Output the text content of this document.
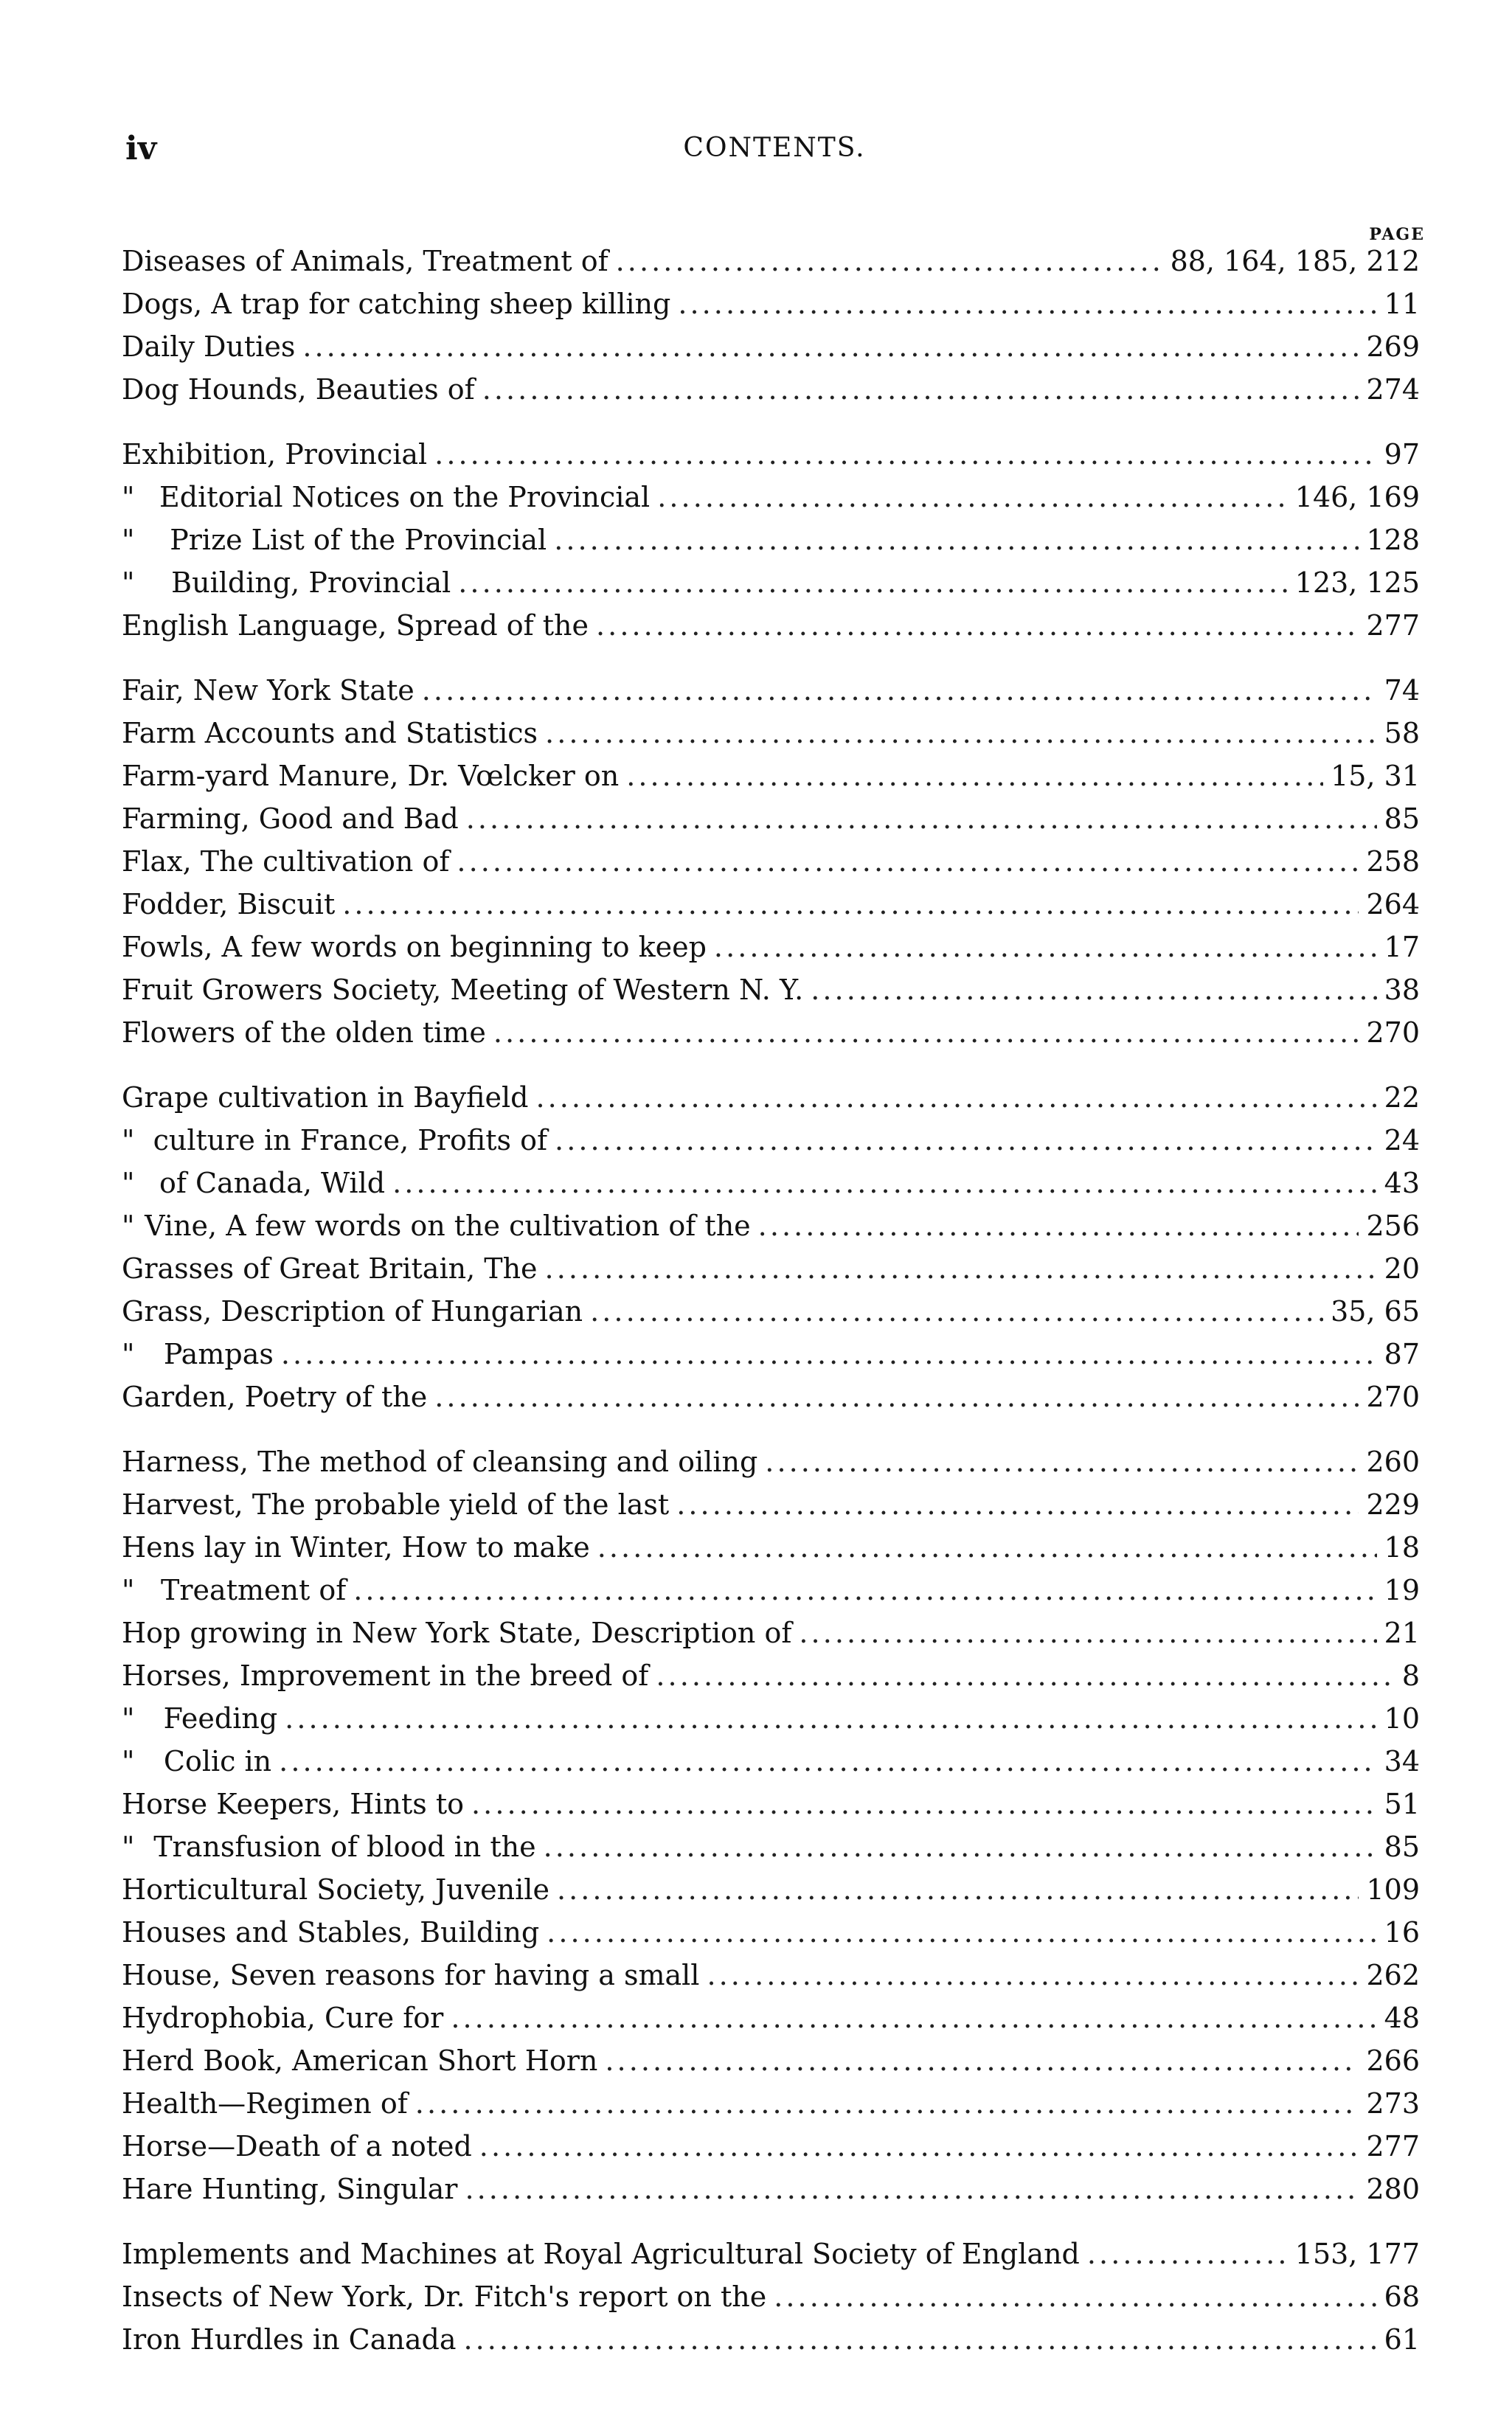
iv	CONTENTS.
PAGE
Diseases of Animals, Treatment of . . .	88, 164, 185, 212
Dogs, A trap for catching sheep killing . . .	11
Daily Duties . . .	269
Dog Hounds, Beauties of . . .	274
Exhibition, Provincial . . .	97
" Editorial Notices on the Provincial . . .	146, 169
"	Prize List of the Provincial . . .	128
"	Building, Provincial . . .	123, 125
English Language, Spread of the . . .	277
Fair, New York State . . .	74
Farm Accounts and Statistics . . .	58
Farm-yard Manure, Dr. Vœlcker on . . .	15, 31
Farming, Good and Bad . . .	85
Flax, The cultivation of . . .	258
Fodder, Biscuit . . .	264
Fowls, A few words on beginning to keep . . .	17
Fruit Growers Society, Meeting of Western N. Y. . . .	38
Flowers of the olden time . . .	270
Grape cultivation in Bayfield . . .	22
" culture in France, Profits of . . .	24
" of Canada, Wild . . .	43
" Vine, A few words on the cultivation of the . . .	256
Grasses of Great Britain, The . . .	20
Grass, Description of Hungarian . . .	35, 65
"	Pampas . . .	87
Garden, Poetry of the . . .	270
Harness, The method of cleansing and oiling . . .	260
Harvest, The probable yield of the last . . .	229
Hens lay in Winter, How to make . . .	18
" Treatment of . . .	19
Hop growing in New York State, Description of . . .	21
Horses, Improvement in the breed of . . .	8
"	Feeding . . .	10
"	Colic in . . .	34
Horse Keepers, Hints to . . .	51
" Transfusion of blood in the . . .	85
Horticultural Society, Juvenile . . .	109
Houses and Stables, Building . . .	16
House, Seven reasons for having a small . . .	262
Hydrophobia, Cure for . . .	48
Herd Book, American Short Horn . . .	266
Health—Regimen of . . .	273
Horse—Death of a noted . . .	277
Hare Hunting, Singular . . .	280
Implements and Machines at Royal Agricultural Society of England . . .	153, 177
Insects of New York, Dr. Fitch's report on the . . .	68
Iron Hurdles in Canada . . .	61
